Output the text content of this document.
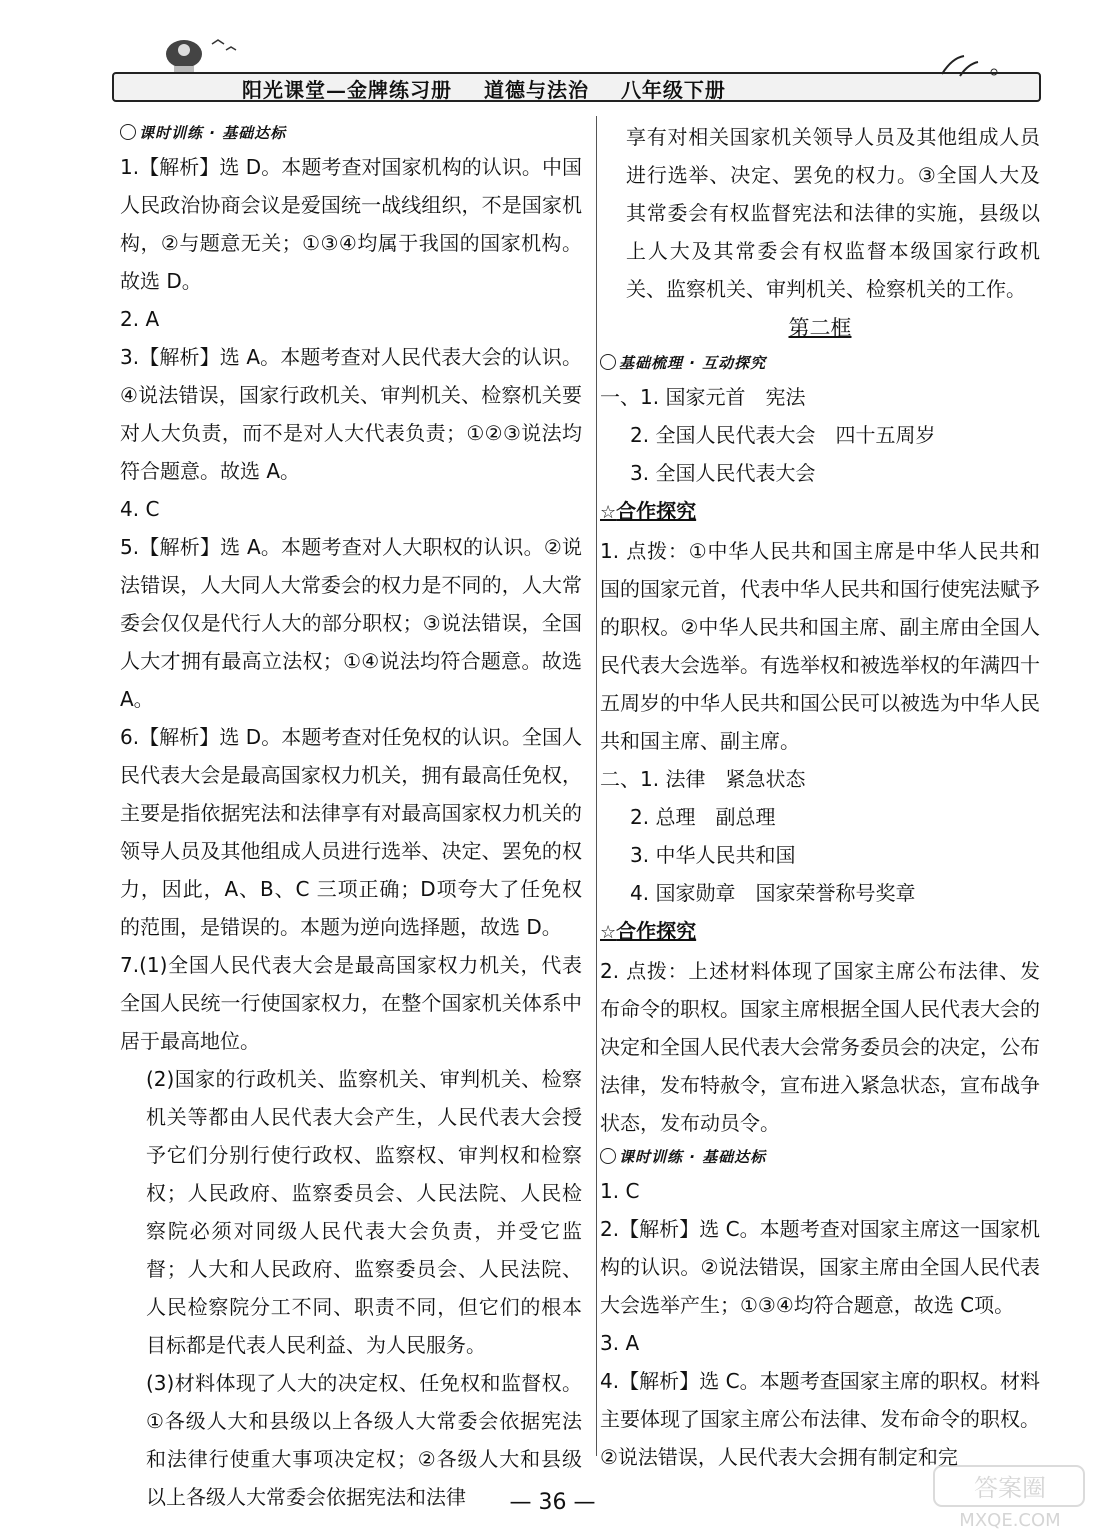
阳光课堂—金牌练习册 道德与法治 八年级下册
课时训练 · 基础达标
1.【解析】选 D。本题考查对国家机构的认识。中国人民政治协商会议是爱国统一战线组织，不是国家机构，②与题意无关；①③④均属于我国的国家机构。故选 D。
2. A
3.【解析】选 A。本题考查对人民代表大会的认识。④说法错误，国家行政机关、审判机关、检察机关要对人大负责，而不是对人大代表负责；①②③说法均符合题意。故选 A。
4. C
5.【解析】选 A。本题考查对人大职权的认识。②说法错误，人大同人大常委会的权力是不同的，人大常委会仅仅是代行人大的部分职权；③说法错误，全国人大才拥有最高立法权；①④说法均符合题意。故选 A。
6.【解析】选 D。本题考查对任免权的认识。全国人民代表大会是最高国家权力机关，拥有最高任免权，主要是指依据宪法和法律享有对最高国家权力机关的领导人员及其他组成人员进行选举、决定、罢免的权力，因此，A、B、C 三项正确；D项夸大了任免权的范围，是错误的。本题为逆向选择题，故选 D。
7.(1)全国人民代表大会是最高国家权力机关，代表全国人民统一行使国家权力，在整个国家机关体系中居于最高地位。
(2)国家的行政机关、监察机关、审判机关、检察机关等都由人民代表大会产生，人民代表大会授予它们分别行使行政权、监察权、审判权和检察权；人民政府、监察委员会、人民法院、人民检察院必须对同级人民代表大会负责，并受它监督；人大和人民政府、监察委员会、人民法院、人民检察院分工不同、职责不同，但它们的根本目标都是代表人民利益、为人民服务。
(3)材料体现了人大的决定权、任免权和监督权。①各级人大和县级以上各级人大常委会依据宪法和法律行使重大事项决定权；②各级人大和县级以上各级人大常委会依据宪法和法律
享有对相关国家机关领导人员及其他组成人员进行选举、决定、罢免的权力。③全国人大及其常委会有权监督宪法和法律的实施，县级以上人大及其常委会有权监督本级国家行政机关、监察机关、审判机关、检察机关的工作。
第二框
基础梳理 · 互动探究
一、1. 国家元首　宪法
2. 全国人民代表大会　四十五周岁
3. 全国人民代表大会
☆合作探究
1. 点拨：①中华人民共和国主席是中华人民共和国的国家元首，代表中华人民共和国行使宪法赋予的职权。②中华人民共和国主席、副主席由全国人民代表大会选举。有选举权和被选举权的年满四十五周岁的中华人民共和国公民可以被选为中华人民共和国主席、副主席。
二、1. 法律　紧急状态
2. 总理　副总理
3. 中华人民共和国
4. 国家勋章　国家荣誉称号奖章
☆合作探究
2. 点拨：上述材料体现了国家主席公布法律、发布命令的职权。国家主席根据全国人民代表大会的决定和全国人民代表大会常务委员会的决定，公布法律，发布特赦令，宣布进入紧急状态，宣布战争状态，发布动员令。
课时训练 · 基础达标
1. C
2.【解析】选 C。本题考查对国家主席这一国家机构的认识。②说法错误，国家主席由全国人民代表大会选举产生；①③④均符合题意，故选 C项。
3. A
4.【解析】选 C。本题考查国家主席的职权。材料主要体现了国家主席公布法律、发布命令的职权。②说法错误，人民代表大会拥有制定和完
— 36 —
答案圈
MXQE.COM
